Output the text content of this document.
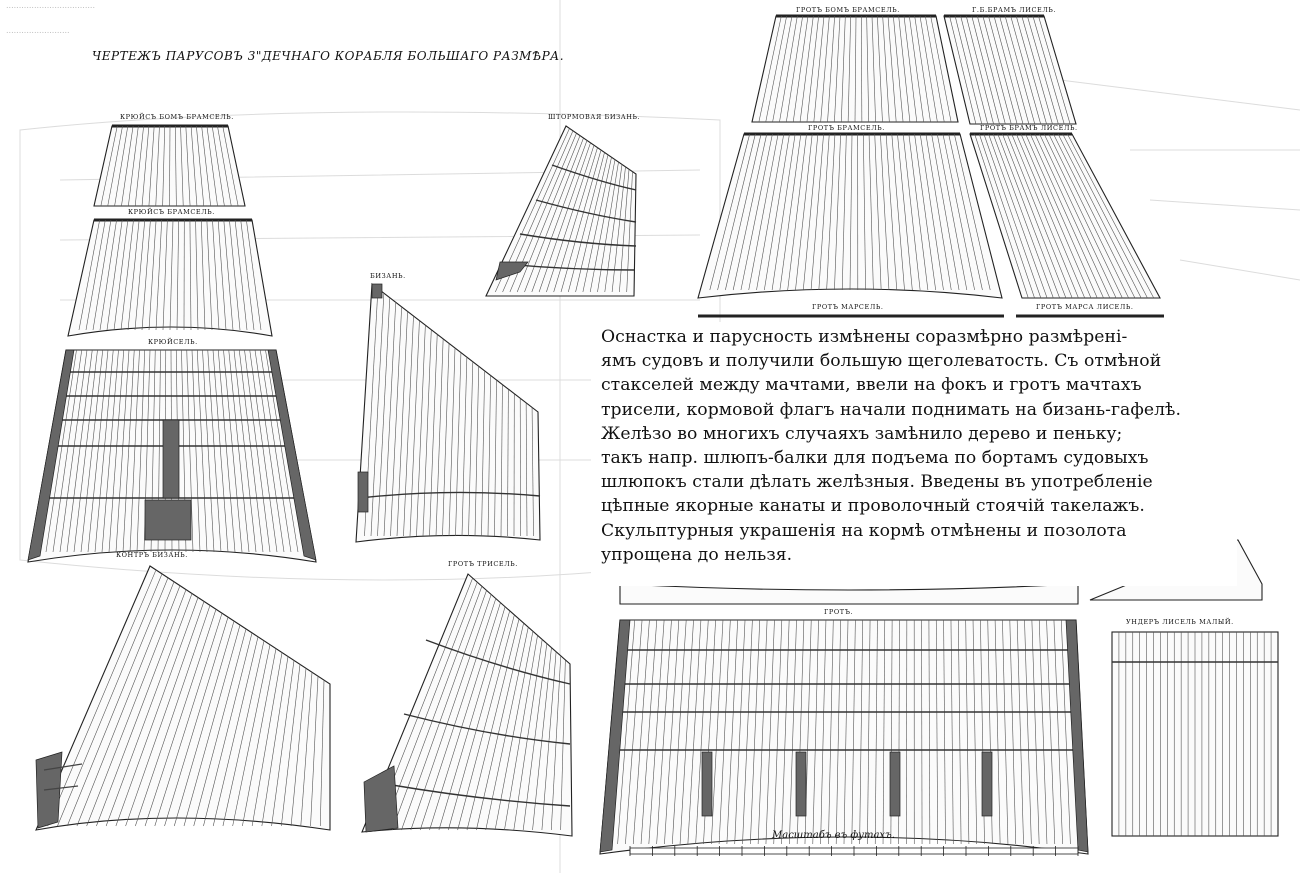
...................................
.........................
ЧЕРТЕЖЪ ПАРУСОВЪ 3"ДЕЧНАГО КОРАБЛЯ БОЛЬШАГО РАЗМѢРА.
КРЮЙСЪ БОМЪ БРАМСЕЛЬ.
КРЮЙСЪ БРАМСЕЛЬ.
КРЮЙСЕЛЬ.
ШТОРМОВАЯ БИЗАНЬ.
БИЗАНЬ.
КОНТРЪ БИЗАНЬ.
ГРОТЪ ТРИСЕЛЬ.
ГРОТЪ БОМЪ БРАМСЕЛЬ.	Г.Б.БРАМЪ ЛИСЕЛЬ.
ГРОТЪ БРАМСЕЛЬ.	ГРОТЪ БРАМЪ ЛИСЕЛЬ.
ГРОТЪ МАРСЕЛЬ.	ГРОТЪ МАРСА ЛИСЕЛЬ.
ГРОТЪ.
Масштабъ въ футахъ.
УНДЕРЪ ЛИСЕЛЬ МАЛЫЙ.

Оснастка и парусность измѣнены соразмѣрно размѣрені-

ямъ судовъ и получили большую щеголеватость. Съ отмѣной

стакселей между мачтами, ввели на фокъ и гротъ мачтахъ

трисели, кормовой флагъ начали поднимать на бизань-гафелѣ.

Желѣзо во многихъ случаяхъ замѣнило дерево и пеньку;

такъ напр. шлюпъ-балки для подъема по бортамъ судовыхъ

шлюпокъ стали дѣлать желѣзныя. Введены въ употребленіе

цѣпные якорные канаты и проволочный стоячій такелажъ.

Скульптурныя украшенія на кормѣ отмѣнены и позолота

упрощена до нельзя.
